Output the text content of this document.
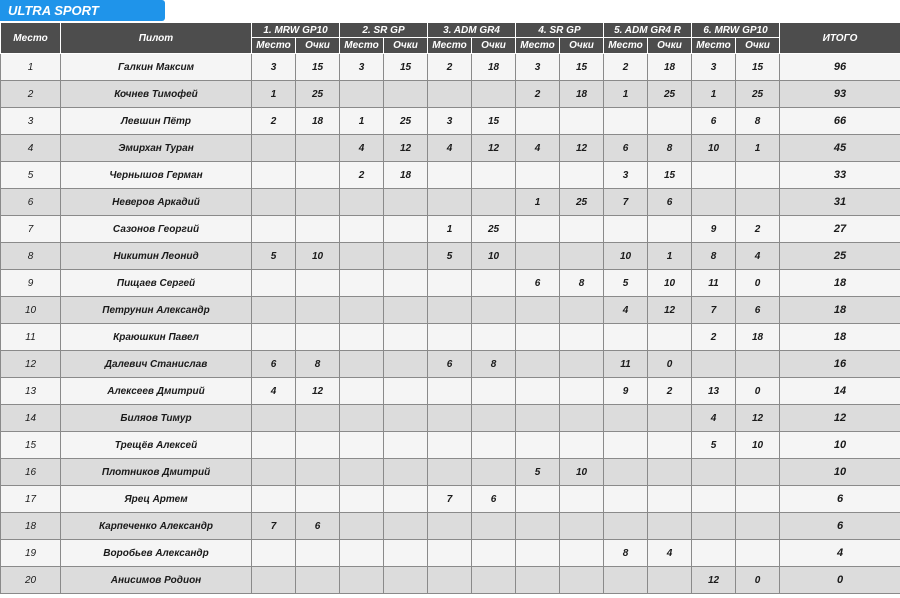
ULTRA SPORT
Место	Пилот	1. MRW GP10		2. SR GP		3. ADM GR4		4. SR GP		5. ADM GR4 R		6. MRW GP10		ИТОГО
		Место	Очки	Место	Очки	Место	Очки	Место	Очки	Место	Очки	Место	Очки	
1	Галкин Максим	3	15	3	15	2	18	3	15	2	18	3	15	96
2	Кочнев Тимофей	1	25					2	18	1	25	1	25	93
3	Левшин Пётр	2	18	1	25	3	15					6	8	66
4	Эмирхан Туран			4	12	4	12	4	12	6	8	10	1	45
5	Чернышов Герман			2	18					3	15			33
6	Неверов Аркадий							1	25	7	6			31
7	Сазонов Георгий					1	25					9	2	27
8	Никитин Леонид	5	10			5	10			10	1	8	4	25
9	Пищаев Сергей							6	8	5	10	11	0	18
10	Петрунин Александр									4	12	7	6	18
11	Краюшкин Павел											2	18	18
12	Далевич Станислав	6	8			6	8			11	0			16
13	Алексеев Дмитрий	4	12							9	2	13	0	14
14	Биляов Тимур											4	12	12
15	Трещёв Алексей											5	10	10
16	Плотников Дмитрий							5	10					10
17	Ярец Артем					7	6							6
18	Карпеченко Александр	7	6											6
19	Воробьев Александр									8	4			4
20	Анисимов Родион											12	0	0
